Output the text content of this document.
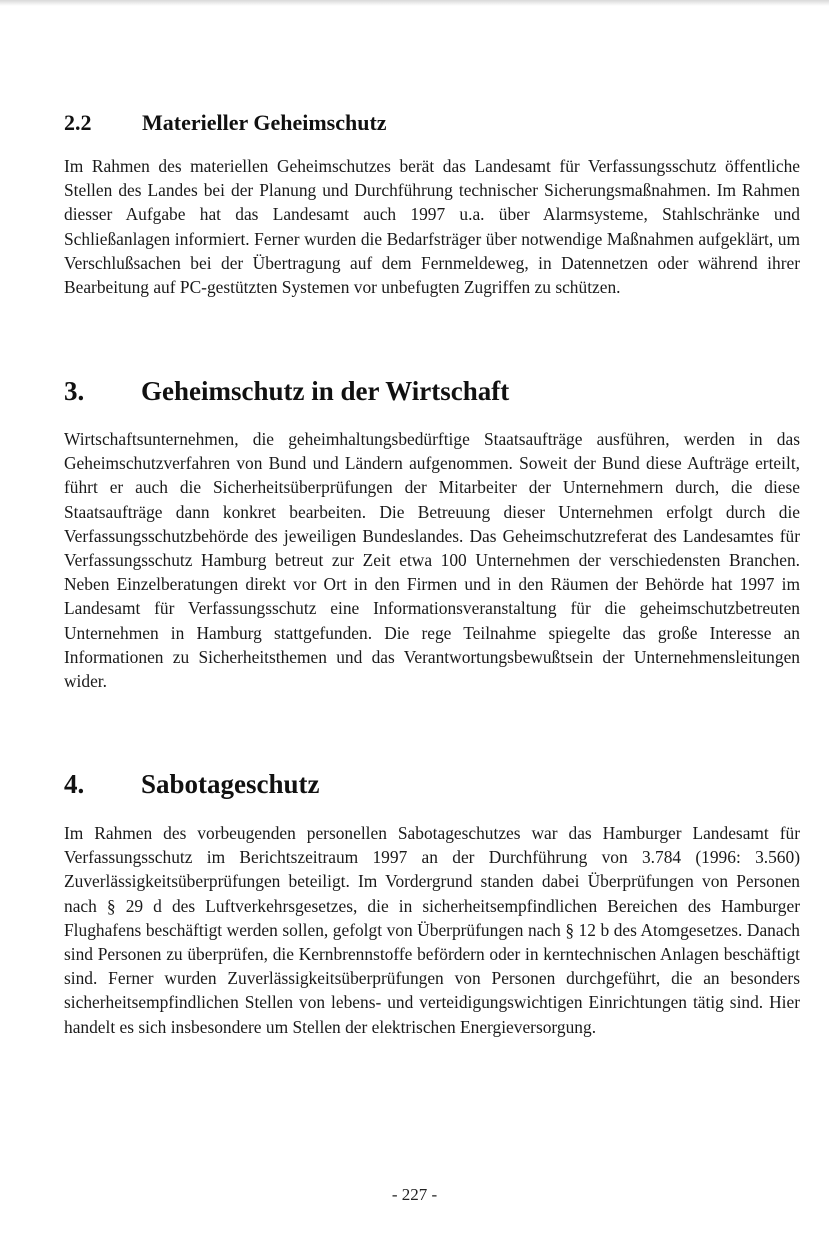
2.2	Materieller Geheimschutz

Im Rahmen des materiellen Geheimschutzes berät das Landesamt für Verfassungsschutz öffentliche Stellen des Landes bei der Planung und Durchführung technischer Sicherungsmaßnahmen. Im Rahmen diesser Aufgabe hat das Landesamt auch 1997 u.a. über Alarmsysteme, Stahlschränke und Schließanlagen informiert. Ferner wurden die Bedarfsträger über notwendige Maßnahmen aufgeklärt, um Verschlußsachen bei der Übertragung auf dem Fernmeldeweg, in Datennetzen oder während ihrer Bearbeitung auf PC-gestützten Systemen vor unbefugten Zugriffen zu schützen.

3.	Geheimschutz in der Wirtschaft

Wirtschaftsunternehmen, die geheimhaltungsbedürftige Staatsaufträge ausführen, werden in das Geheimschutzverfahren von Bund und Ländern aufgenommen. Soweit der Bund diese Aufträge erteilt, führt er auch die Sicherheitsüberprüfungen der Mitarbeiter der Unternehmern durch, die diese Staatsaufträge dann konkret bearbeiten. Die Betreuung dieser Unternehmen erfolgt durch die Verfassungsschutzbehörde des jeweiligen Bundeslandes. Das Geheimschutzreferat des Landesamtes für Verfassungsschutz Hamburg betreut zur Zeit etwa 100 Unternehmen der verschiedensten Branchen. Neben Einzelberatungen direkt vor Ort in den Firmen und in den Räumen der Behörde hat 1997 im Landesamt für Verfassungsschutz eine Informationsveranstaltung für die geheimschutzbetreuten Unternehmen in Hamburg stattgefunden. Die rege Teilnahme spiegelte das große Interesse an Informationen zu Sicherheitsthemen und das Verantwortungsbewußtsein der Unternehmensleitungen wider.

4.	Sabotageschutz

Im Rahmen des vorbeugenden personellen Sabotageschutzes war das Hamburger Landesamt für Verfassungsschutz im Berichtszeitraum 1997 an der Durchführung von 3.784 (1996: 3.560) Zuverlässigkeitsüberprüfungen beteiligt. Im Vordergrund standen dabei Überprüfungen von Personen nach § 29 d des Luftverkehrsgesetzes, die in sicherheitsempfindlichen Bereichen des Hamburger Flughafens beschäftigt werden sollen, gefolgt von Überprüfungen nach § 12 b des Atomgesetzes. Danach sind Personen zu überprüfen, die Kernbrennstoffe befördern oder in kerntechnischen Anlagen beschäftigt sind. Ferner wurden Zuverlässigkeitsüberprüfungen von Personen durchgeführt, die an besonders sicherheitsempfindlichen Stellen von lebens- und verteidigungswichtigen Einrichtungen tätig sind. Hier handelt es sich insbesondere um Stellen der elektrischen Energieversorgung.

- 227 -
